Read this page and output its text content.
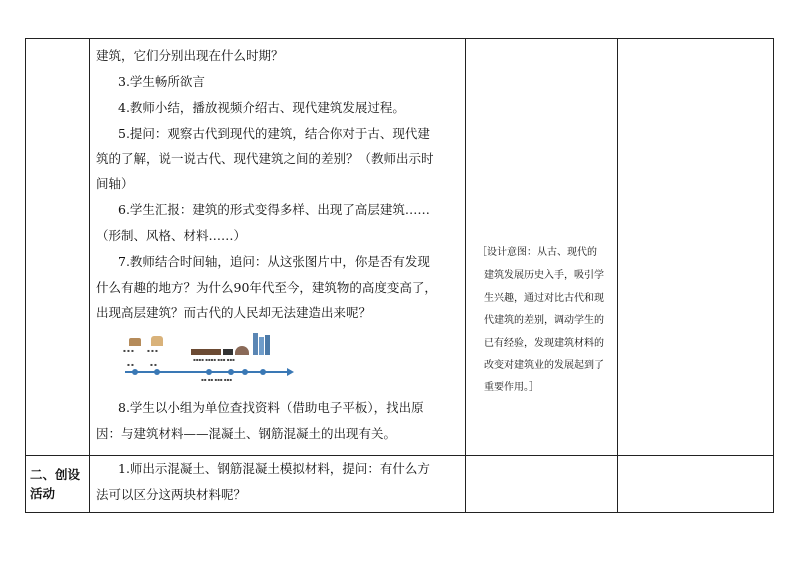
建筑，它们分别出现在什么时期？
3.学生畅所欲言
4.教师小结，播放视频介绍古、现代建筑发展过程。
5.提问：观察古代到现代的建筑，结合你对于古、现代建
筑的了解，说一说古代、现代建筑之间的差别？（教师出示时
间轴）
6.学生汇报：建筑的形式变得多样、出现了高层建筑……
（形制、风格、材料……）
7.教师结合时间轴，追问：从这张图片中，你是否有发现
什么有趣的地方？为什么90年代至今，建筑物的高度变高了，
出现高层建筑？而古代的人民却无法建造出来呢？
▪ ▪ ▪	▪ ▪ ▪
▪ ▪	▪ ▪
▪▪▪▪ ▪▪▪▪ ▪▪▪ ▪▪▪
▪▪ ▪▪ ▪▪▪ ▪▪▪
8.学生以小组为单位查找资料（借助电子平板），找出原
因：与建筑材料——混凝土、钢筋混凝土的出现有关。
二、创设
活动
1.师出示混凝土、钢筋混凝土模拟材料，提问：有什么方
法可以区分这两块材料呢？
［设计意图：从古、现代的
建筑发展历史入手，吸引学
生兴趣，通过对比古代和现
代建筑的差别，调动学生的
已有经验，发现建筑材料的
改变对建筑业的发展起到了
重要作用。］
